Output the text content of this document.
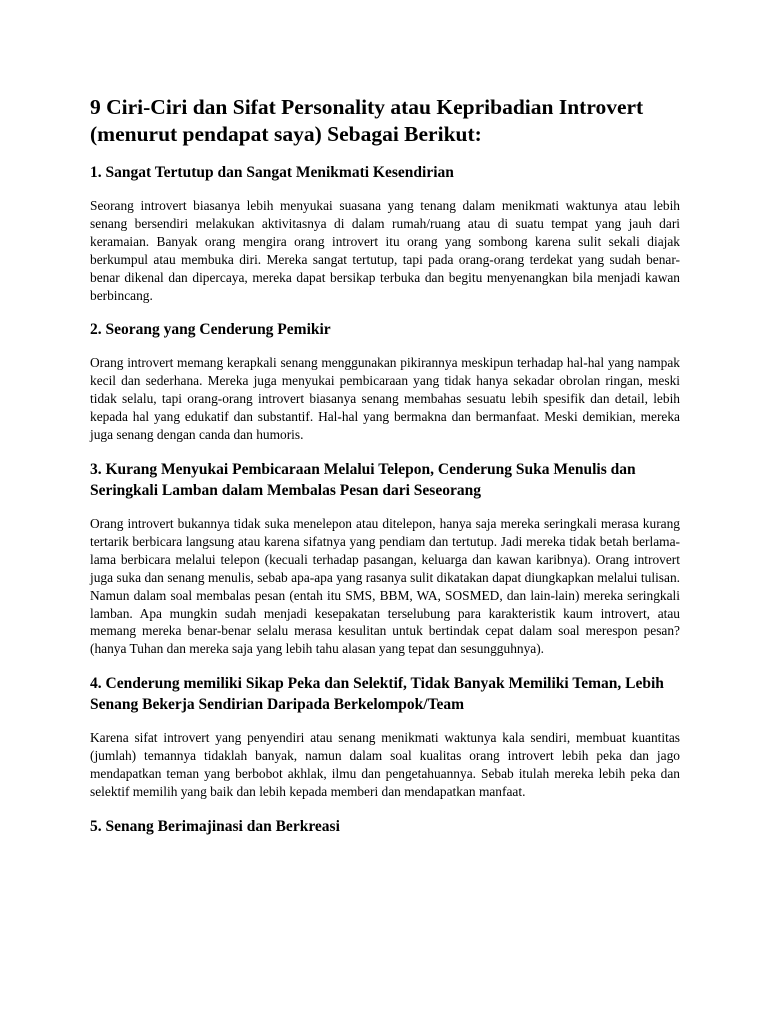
9 Ciri-Ciri dan Sifat Personality atau Kepribadian Introvert (menurut pendapat saya) Sebagai Berikut:
1. Sangat Tertutup dan Sangat Menikmati Kesendirian

Seorang introvert biasanya lebih menyukai suasana yang tenang dalam menikmati waktunya atau lebih senang bersendiri melakukan aktivitasnya di dalam rumah/ruang atau di suatu tempat yang jauh dari keramaian. Banyak orang mengira orang introvert itu orang yang sombong karena sulit sekali diajak berkumpul atau membuka diri. Mereka sangat tertutup, tapi pada orang-orang terdekat yang sudah benar-benar dikenal dan dipercaya, mereka dapat bersikap terbuka dan begitu menyenangkan bila menjadi kawan berbincang.

2. Seorang yang Cenderung Pemikir

Orang introvert memang kerapkali senang menggunakan pikirannya meskipun terhadap hal-hal yang nampak kecil dan sederhana. Mereka juga menyukai pembicaraan yang tidak hanya sekadar obrolan ringan, meski tidak selalu, tapi orang-orang introvert biasanya senang membahas sesuatu lebih spesifik dan detail, lebih kepada hal yang edukatif dan substantif. Hal-hal yang bermakna dan bermanfaat. Meski demikian, mereka juga senang dengan canda dan humoris.

3. Kurang Menyukai Pembicaraan Melalui Telepon, Cenderung Suka Menulis dan Seringkali Lamban dalam Membalas Pesan dari Seseorang

Orang introvert bukannya tidak suka menelepon atau ditelepon, hanya saja mereka seringkali merasa kurang tertarik berbicara langsung atau karena sifatnya yang pendiam dan tertutup. Jadi mereka tidak betah berlama-lama berbicara melalui telepon (kecuali terhadap pasangan, keluarga dan kawan karibnya). Orang introvert juga suka dan senang menulis, sebab apa-apa yang rasanya sulit dikatakan dapat diungkapkan melalui tulisan. Namun dalam soal membalas pesan (entah itu SMS, BBM, WA, SOSMED, dan lain-lain) mereka seringkali lamban. Apa mungkin sudah menjadi kesepakatan terselubung para karakteristik kaum introvert, atau memang mereka benar-benar selalu merasa kesulitan untuk bertindak cepat dalam soal merespon pesan? (hanya Tuhan dan mereka saja yang lebih tahu alasan yang tepat dan sesungguhnya).

4. Cenderung memiliki Sikap Peka dan Selektif, Tidak Banyak Memiliki Teman, Lebih Senang Bekerja Sendirian Daripada Berkelompok/Team

Karena sifat introvert yang penyendiri atau senang menikmati waktunya kala sendiri, membuat kuantitas (jumlah) temannya tidaklah banyak, namun dalam soal kualitas orang introvert lebih peka dan jago mendapatkan teman yang berbobot akhlak, ilmu dan pengetahuannya. Sebab itulah mereka lebih peka dan selektif memilih yang baik dan lebih kepada memberi dan mendapatkan manfaat.

5. Senang Berimajinasi dan Berkreasi
